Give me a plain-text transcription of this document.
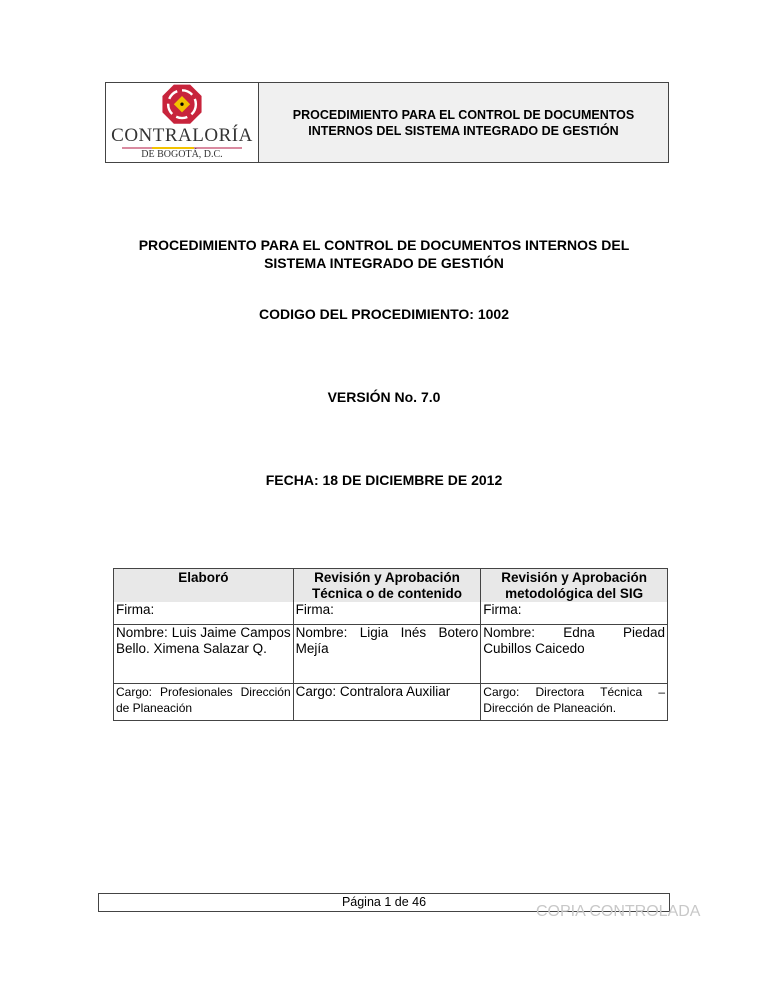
CONTRALORÍA
DE BOGOTÁ, D.C.
PROCEDIMIENTO PARA EL CONTROL DE DOCUMENTOS
INTERNOS DEL SISTEMA INTEGRADO DE GESTIÓN
PROCEDIMIENTO PARA EL CONTROL DE DOCUMENTOS INTERNOS DEL
SISTEMA INTEGRADO DE GESTIÓN
CODIGO DEL PROCEDIMIENTO: 1002
VERSIÓN No. 7.0
FECHA: 18 DE DICIEMBRE DE 2012
Elaboró	Revisión y Aprobación Técnica o de contenido	Revisión y Aprobación metodológica del SIG
Firma:	Firma:	Firma:
Nombre: Luis Jaime Campos Bello. Ximena Salazar Q.	Nombre: Ligia Inés Botero Mejía	Nombre: Edna Piedad Cubillos Caicedo
Cargo: Profesionales Dirección de Planeación	Cargo: Contralora Auxiliar	Cargo: Directora Técnica – Dirección de Planeación.
Página 1 de 46
COPIA CONTROLADA
